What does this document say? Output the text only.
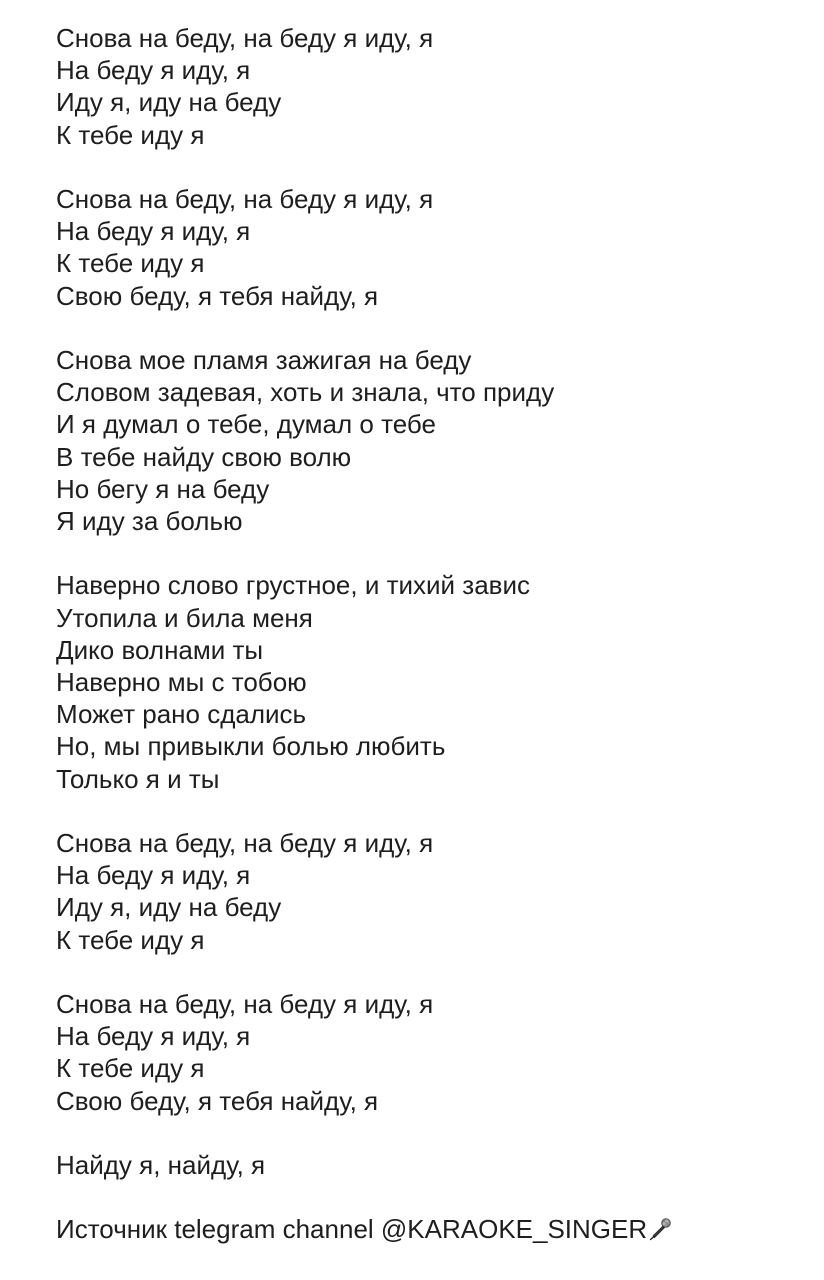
Снова на беду, на беду я иду, я
На беду я иду, я
Иду я, иду на беду
К тебе иду я
Снова на беду, на беду я иду, я
На беду я иду, я
К тебе иду я
Свою беду, я тебя найду, я
Снова мое пламя зажигая на беду
Словом задевая, хоть и знала, что приду
И я думал о тебе, думал о тебе
В тебе найду свою волю
Но бегу я на беду
Я иду за болью
Наверно слово грустное, и тихий завис
Утопила и била меня
Дико волнами ты
Наверно мы с тобою
Может рано сдались
Но, мы привыкли болью любить
Только я и ты
Снова на беду, на беду я иду, я
На беду я иду, я
Иду я, иду на беду
К тебе иду я
Снова на беду, на беду я иду, я
На беду я иду, я
К тебе иду я
Свою беду, я тебя найду, я
Найду я, найду, я
Источник telegram channel @KARAOKE_SINGER
